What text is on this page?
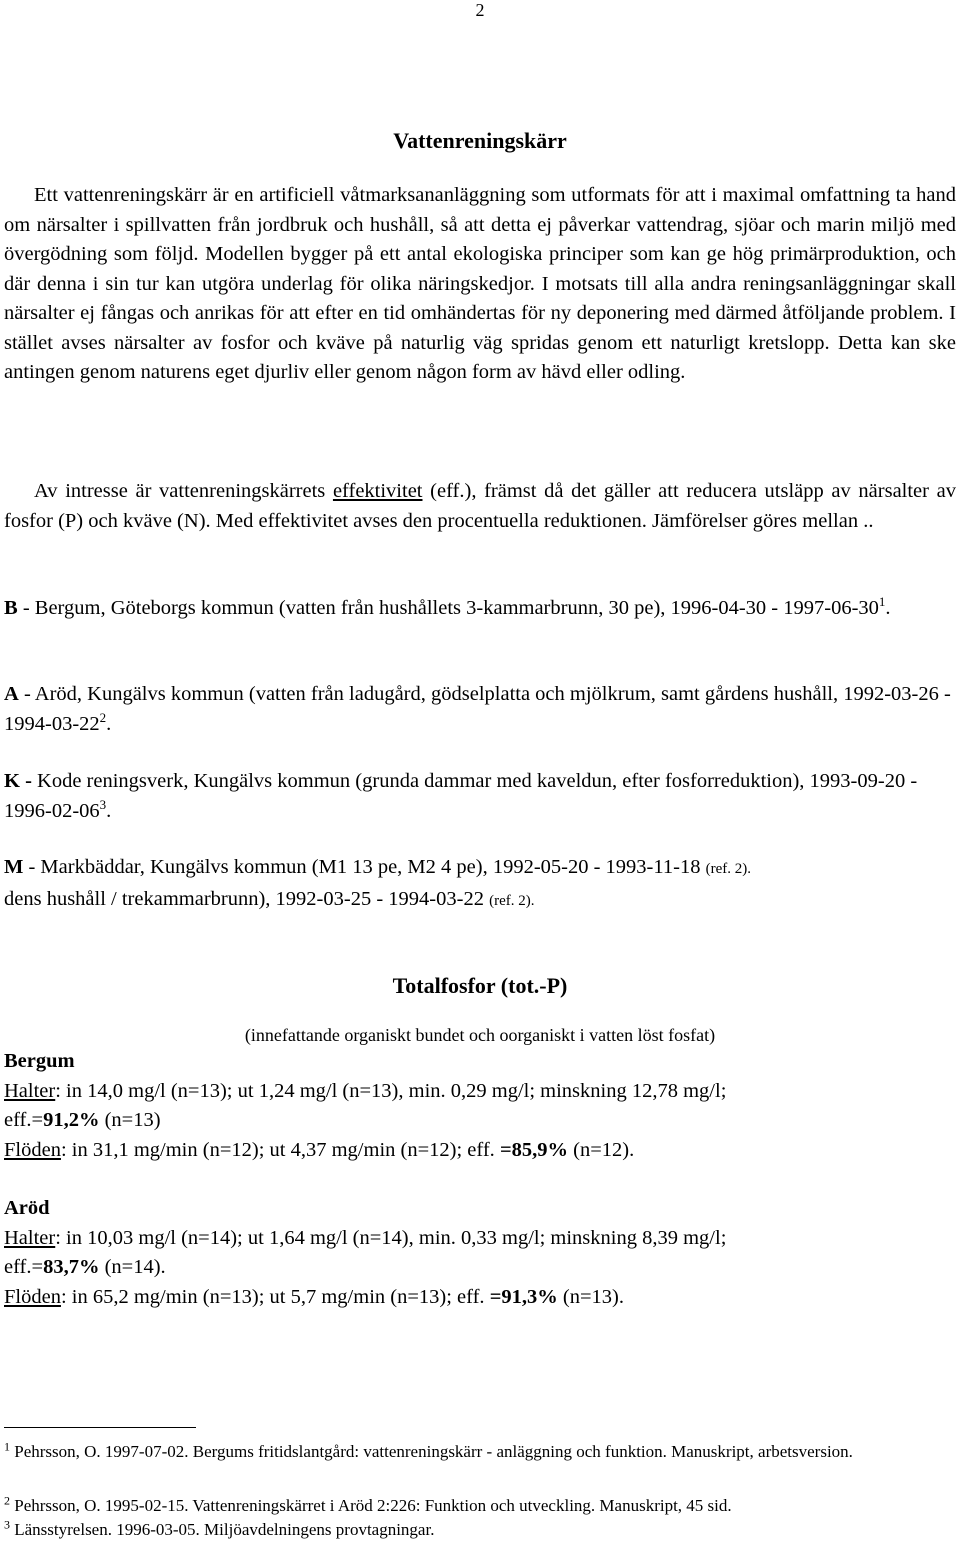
2
Vattenreningskärr
Ett vattenreningskärr är en artificiell våtmarksananläggning som utformats för att i maximal omfattning ta hand om närsalter i spillvatten från jordbruk och hushåll, så att detta ej påverkar vattendrag, sjöar och marin miljö med övergödning som följd. Modellen bygger på ett antal ekologiska principer som kan ge hög primärproduktion, och där denna i sin tur kan utgöra underlag för olika näringskedjor. I motsats till alla andra reningsanläggningar skall närsalter ej fångas och anrikas för att efter en tid omhändertas för ny deponering med därmed åtföljande problem. I stället avses närsalter av fosfor och kväve på naturlig väg spridas genom ett naturligt kretslopp. Detta kan ske antingen genom naturens eget djurliv eller genom någon form av hävd eller odling.
Av intresse är vattenreningskärrets effektivitet (eff.), främst då det gäller att reducera utsläpp av närsalter av fosfor (P) och kväve (N). Med effektivitet avses den procentuella reduktionen. Jämförelser göres mellan ..
B - Bergum, Göteborgs kommun (vatten från hushållets 3-kammarbrunn, 30 pe), $1996-04-30 - 1997-06-30^1$.
A - Aröd, Kungälvs kommun (vatten från ladugård, gödselplatta och mjölkrum, samt gårdens hushåll, $1992-03-26 - 1994-03-22^2$.
K - Kode reningsverk, Kungälvs kommun (grunda dammar med kaveldun, efter fosforreduktion), $1993-09-20 - 1996-02-06^3$.
M - Markbäddar, Kungälvs kommun (M1 13 pe, M2 4 pe), 1992-05-20 - 1993-11-18 (ref. 2).
dens hushåll / trekammarbrunn), 1992-03-25 - 1994-03-22 (ref. 2).
Totalfosfor (tot.-P)
(innefattande organiskt bundet och oorganiskt i vatten löst fosfat)
Bergum
Halter: in 14,0 mg/l (n=13); ut 1,24 mg/l (n=13), min. 0,29 mg/l; minskning 12,78 mg/l;
eff.=91,2% (n=13)
Flöden: in 31,1 mg/min (n=12); ut 4,37 mg/min (n=12); eff. =85,9% (n=12).
Aröd
Halter: in 10,03 mg/l (n=14); ut 1,64 mg/l (n=14), min. 0,33 mg/l; minskning 8,39 mg/l;
eff.=83,7% (n=14).
Flöden: in 65,2 mg/min (n=13); ut 5,7 mg/min (n=13); eff. =91,3% (n=13).
$^1$ Pehrsson, O. 1997-07-02. Bergums fritidslantgård: vattenreningskärr - anläggning och funktion. Manuskript, arbetsversion.
$^2$ Pehrsson, O. 1995-02-15. Vattenreningskärret i Aröd 2:226: Funktion och utveckling. Manuskript, 45 sid.
$^3$ Länsstyrelsen. 1996-03-05. Miljöavdelningens provtagningar.
